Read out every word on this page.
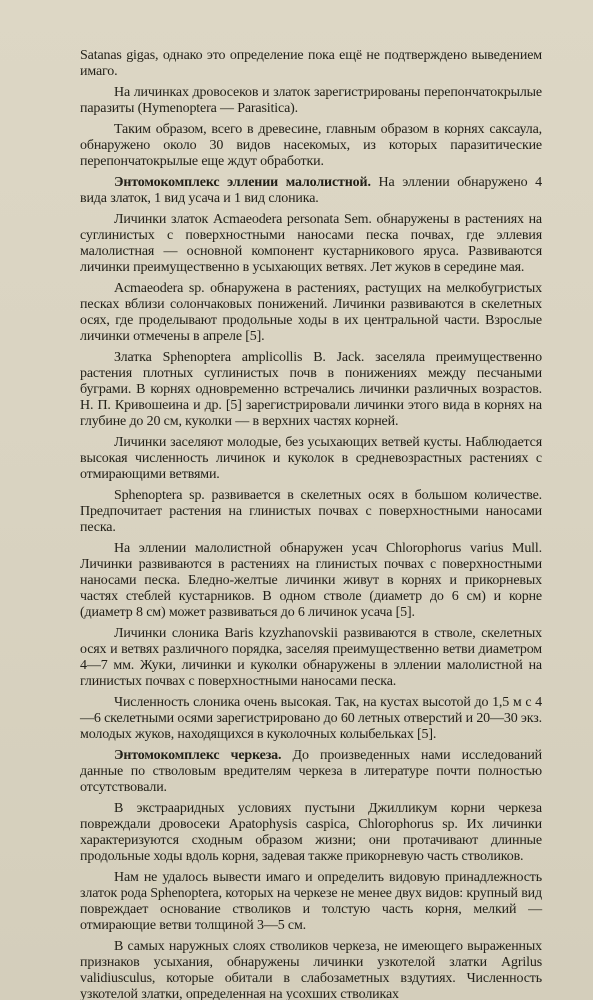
Satanas gigas, однако это определение пока ещё не подтверждено выведением имаго.

На личинках дровосеков и златок зарегистрированы перепончатокрылые паразиты (Hymenoptera — Parasitica).

Таким образом, всего в древесине, главным образом в корнях саксаула, обнаружено около 30 видов насекомых, из которых паразитические перепончатокрылые еще ждут обработки.

Энтомокомплекс эллении малолистной. На эллении обнаружено 4 вида златок, 1 вид усача и 1 вид слоника.

Личинки златок Acmaeodera personata Sem. обнаружены в растениях на суглинистых с поверхностными наносами песка почвах, где эллевия малолистная — основной компонент кустарникового яруса. Развиваются личинки преимущественно в усыхающих ветвях. Лет жуков в середине мая.

Acmaeodera sp. обнаружена в растениях, растущих на мелкобугристых песках вблизи солончаковых понижений. Личинки развиваются в скелетных осях, где проделывают продольные ходы в их центральной части. Взрослые личинки отмечены в апреле [5].

Златка Sphenoptera amplicollis B. Jack. заселяла преимущественно растения плотных суглинистых почв в понижениях между песчаными буграми. В корнях одновременно встречались личинки различных возрастов. Н. П. Кривошеина и др. [5] зарегистрировали личинки этого вида в корнях на глубине до 20 см, куколки — в верхних частях корней.

Личинки заселяют молодые, без усыхающих ветвей кусты. Наблюдается высокая численность личинок и куколок в средневозрастных растениях с отмирающими ветвями.

Sphenoptera sp. развивается в скелетных осях в большом количестве. Предпочитает растения на глинистых почвах с поверхностными наносами песка.

На эллении малолистной обнаружен усач Chlorophorus varius Mull. Личинки развиваются в растениях на глинистых почвах с поверхностными наносами песка. Бледно-желтые личинки живут в корнях и прикорневых частях стеблей кустарников. В одном стволе (диаметр до 6 см) и корне (диаметр 8 см) может развиваться до 6 личинок усача [5].

Личинки слоника Baris kzyzhanovskii развиваются в стволе, скелетных осях и ветвях различного порядка, заселяя преимущественно ветви диаметром 4—7 мм. Жуки, личинки и куколки обнаружены в эллении малолистной на глинистых почвах с поверхностными наносами песка.

Численность слоника очень высокая. Так, на кустах высотой до 1,5 м с 4—6 скелетными осями зарегистрировано до 60 летных отверстий и 20—30 экз. молодых жуков, находящихся в куколочных колыбельках [5].

Энтомокомплекс черкеза. До произведенных нами исследований данные по стволовым вредителям черкеза в литературе почти полностью отсутствовали.

В экстрааридных условиях пустыни Джилликум корни черкеза повреждали дровосеки Apatophysis caspica, Chlorophorus sp. Их личинки характеризуются сходным образом жизни; они протачивают длинные продольные ходы вдоль корня, задевая также прикорневую часть стволиков.

Нам не удалось вывести имаго и определить видовую принадлежность златок рода Sphenoptera, которых на черкезе не менее двух видов: крупный вид повреждает основание стволиков и толстую часть корня, мелкий — отмирающие ветви толщиной 3—5 см.

В самых наружных слоях стволиков черкеза, не имеющего выраженных признаков усыхания, обнаружены личинки узкотелой златки Agrilus validiusculus, которые обитали в слабозаметных вздутиях. Численность узкотелой златки, определенная на усохших стволиках
